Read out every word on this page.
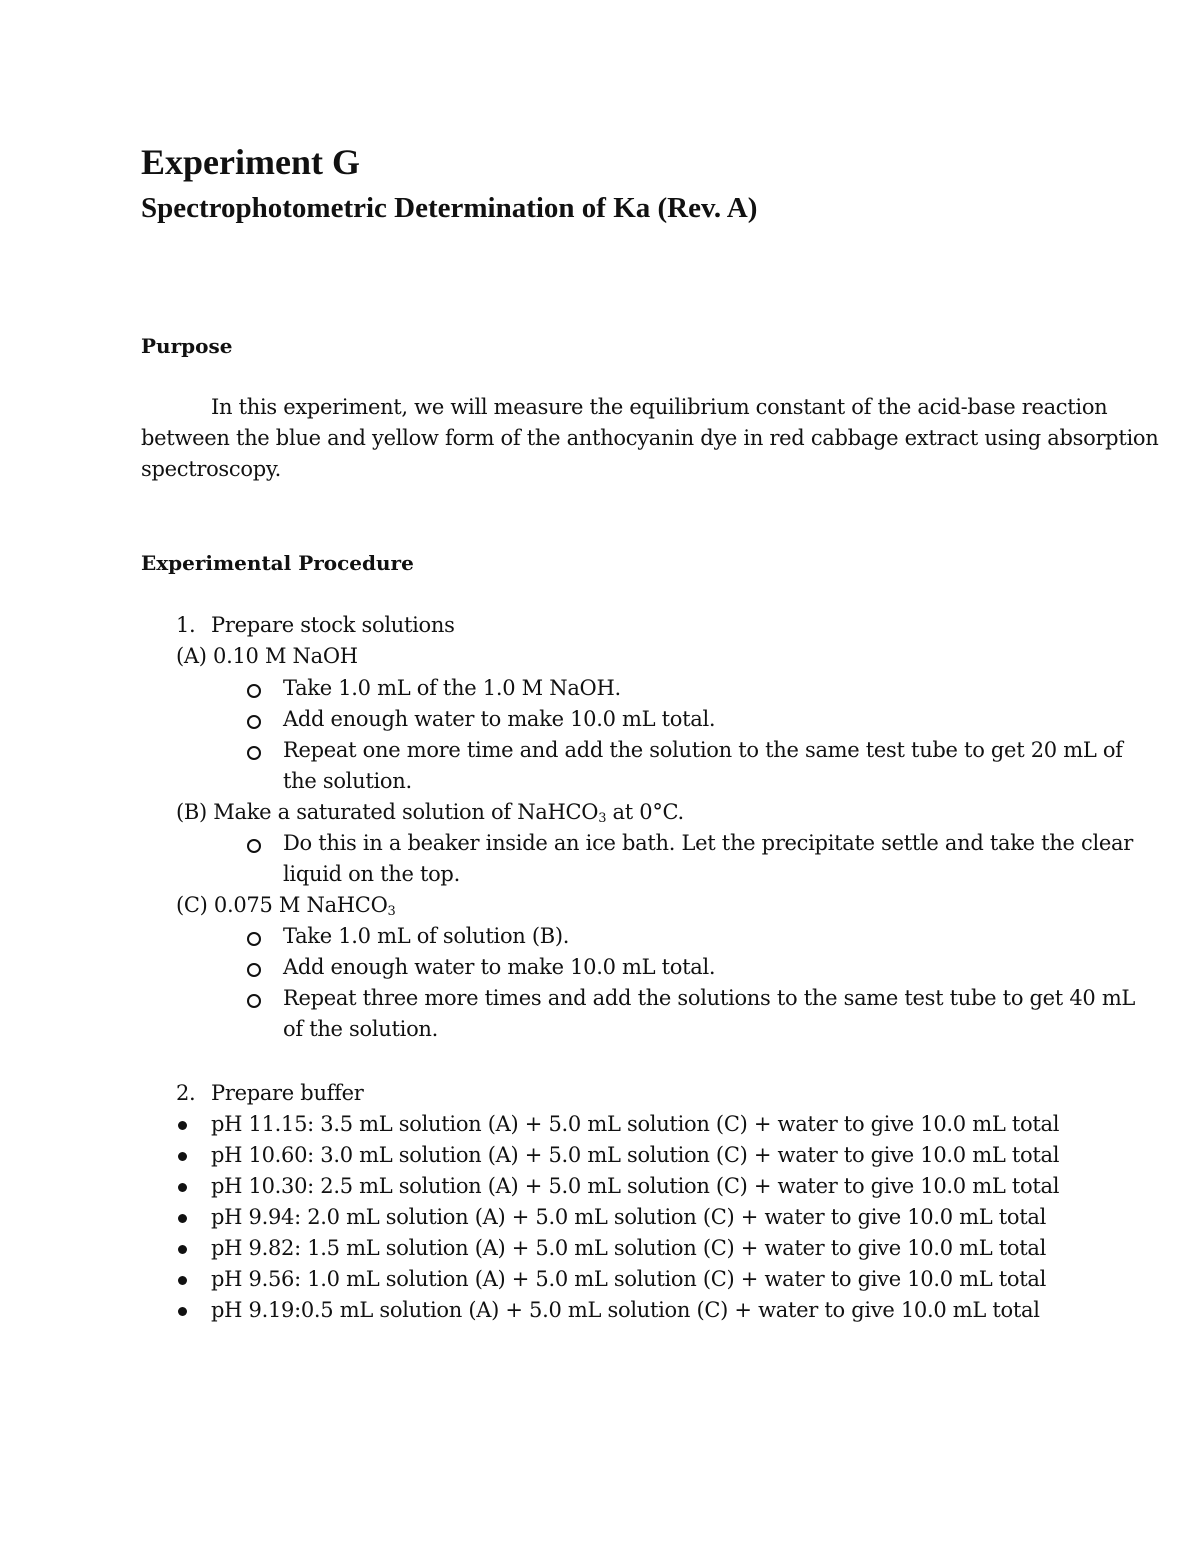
Experiment G
Spectrophotometric Determination of Ka (Rev. A)
Purpose
In this experiment, we will measure the equilibrium constant of the acid-base reaction
between the blue and yellow form of the anthocyanin dye in red cabbage extract using absorption
spectroscopy.
Experimental Procedure
1. Prepare stock solutions
(A) 0.10 M NaOH
Take 1.0 mL of the 1.0 M NaOH.
Add enough water to make 10.0 mL total.
Repeat one more time and add the solution to the same test tube to get 20 mL of
the solution.
(B) Make a saturated solution of NaHCO$_3$ at 0°C.
Do this in a beaker inside an ice bath. Let the precipitate settle and take the clear
liquid on the top.
(C) 0.075 M NaHCO$_3$
Take 1.0 mL of solution (B).
Add enough water to make 10.0 mL total.
Repeat three more times and add the solutions to the same test tube to get 40 mL
of the solution.
2. Prepare buffer
pH 11.15: 3.5 mL solution (A) + 5.0 mL solution (C) + water to give 10.0 mL total
pH 10.60: 3.0 mL solution (A) + 5.0 mL solution (C) + water to give 10.0 mL total
pH 10.30: 2.5 mL solution (A) + 5.0 mL solution (C) + water to give 10.0 mL total
pH 9.94: 2.0 mL solution (A) + 5.0 mL solution (C) + water to give 10.0 mL total
pH 9.82: 1.5 mL solution (A) + 5.0 mL solution (C) + water to give 10.0 mL total
pH 9.56: 1.0 mL solution (A) + 5.0 mL solution (C) + water to give 10.0 mL total
pH 9.19:0.5 mL solution (A) + 5.0 mL solution (C) + water to give 10.0 mL total
